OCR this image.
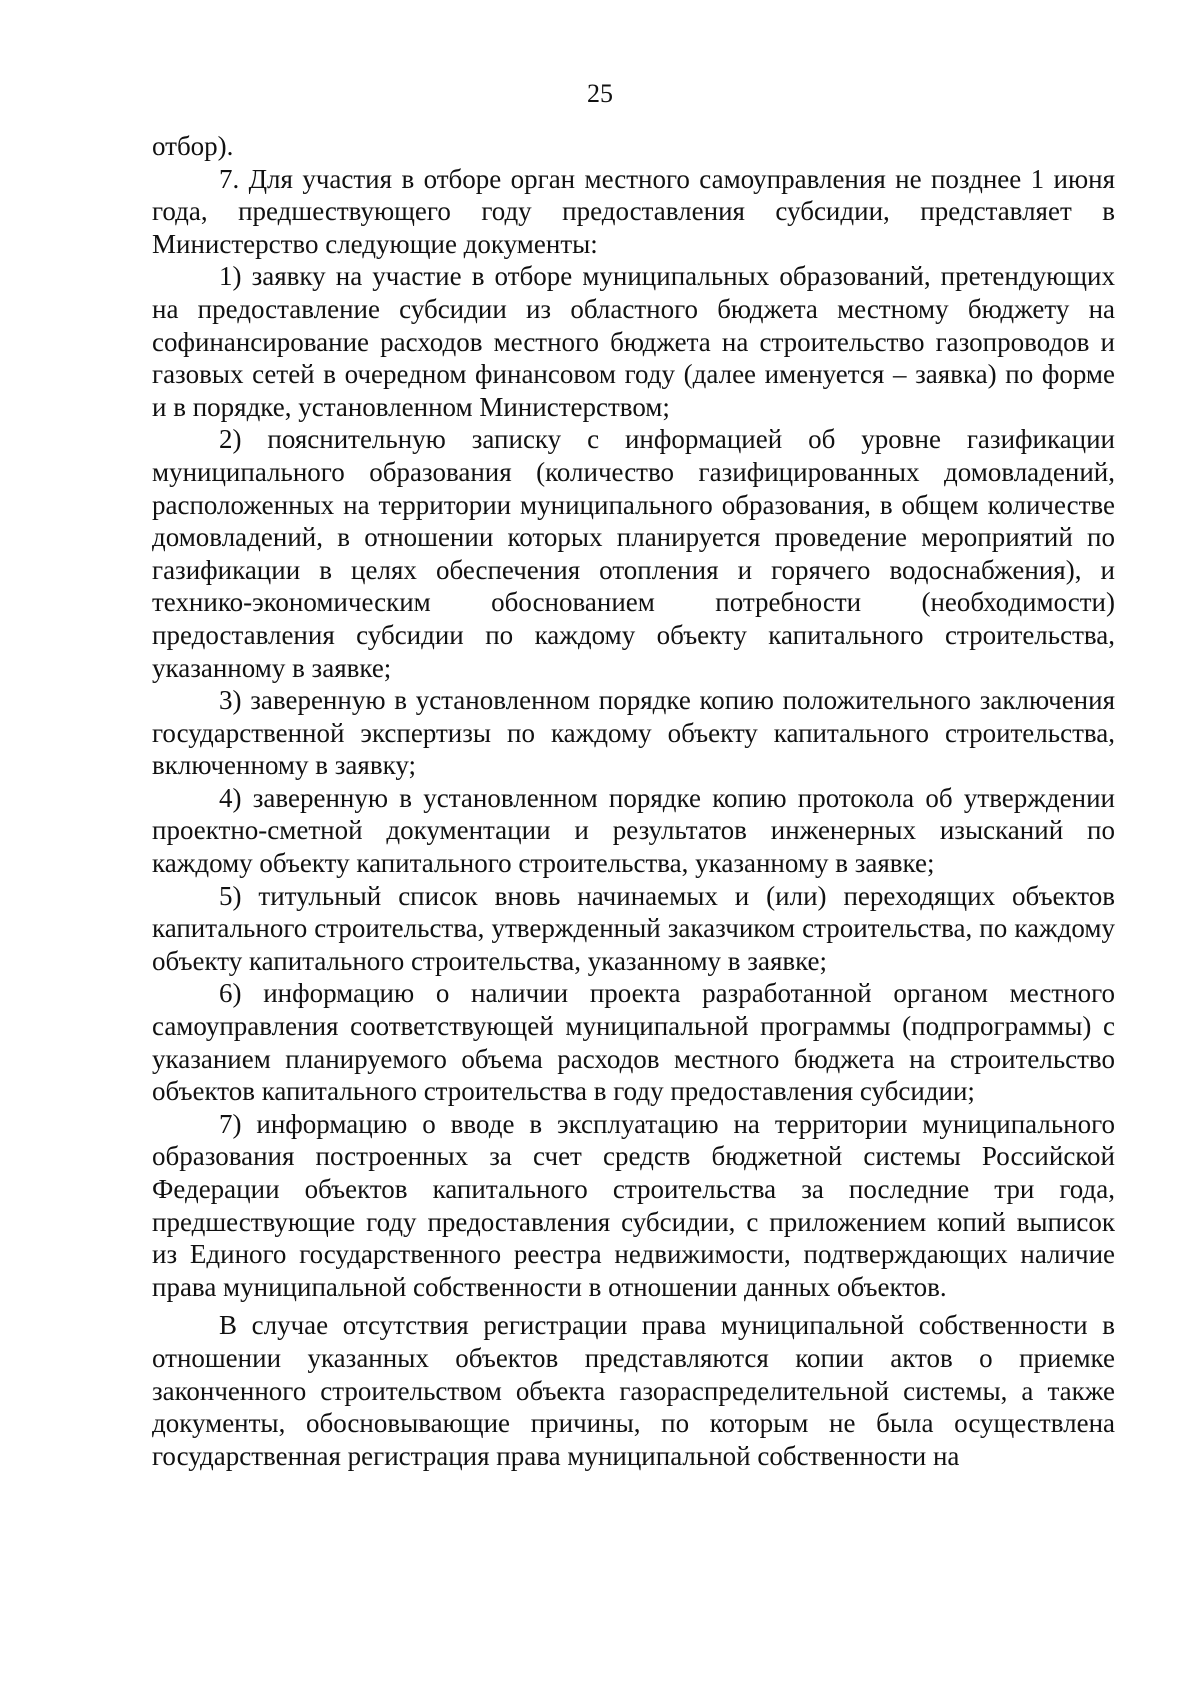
25

отбор).

7. Для участия в отборе орган местного самоуправления не позднее 1 июня года, предшествующего году предоставления субсидии, представляет в Министерство следующие документы:

1) заявку на участие в отборе муниципальных образований, претендующих на предоставление субсидии из областного бюджета местному бюджету на софинансирование расходов местного бюджета на строительство газопроводов и газовых сетей в очередном финансовом году (далее именуется – заявка) по форме и в порядке, установленном Министерством;

2) пояснительную записку с информацией об уровне газификации муниципального образования (количество газифицированных домовладений, расположенных на территории муниципального образования, в общем количестве домовладений, в отношении которых планируется проведение мероприятий по газификации в целях обеспечения отопления и горячего водоснабжения), и технико-экономическим обоснованием потребности (необходимости) предоставления субсидии по каждому объекту капитального строительства, указанному в заявке;

3) заверенную в установленном порядке копию положительного заключения государственной экспертизы по каждому объекту капитального строительства, включенному в заявку;

4) заверенную в установленном порядке копию протокола об утверждении проектно-сметной документации и результатов инженерных изысканий по каждому объекту капитального строительства, указанному в заявке;

5) титульный список вновь начинаемых и (или) переходящих объектов капитального строительства, утвержденный заказчиком строительства, по каждому объекту капитального строительства, указанному в заявке;

6) информацию о наличии проекта разработанной органом местного самоуправления соответствующей муниципальной программы (подпрограммы) с указанием планируемого объема расходов местного бюджета на строительство объектов капитального строительства в году предоставления субсидии;

7) информацию о вводе в эксплуатацию на территории муниципального образования построенных за счет средств бюджетной системы Российской Федерации объектов капитального строительства за последние три года, предшествующие году предоставления субсидии, с приложением копий выписок из Единого государственного реестра недвижимости, подтверждающих наличие права муниципальной собственности в отношении данных объектов.

В случае отсутствия регистрации права муниципальной собственности в отношении указанных объектов представляются копии актов о приемке законченного строительством объекта газораспределительной системы, а также документы, обосновывающие причины, по которым не была осуществлена государственная регистрация права муниципальной собственности на
